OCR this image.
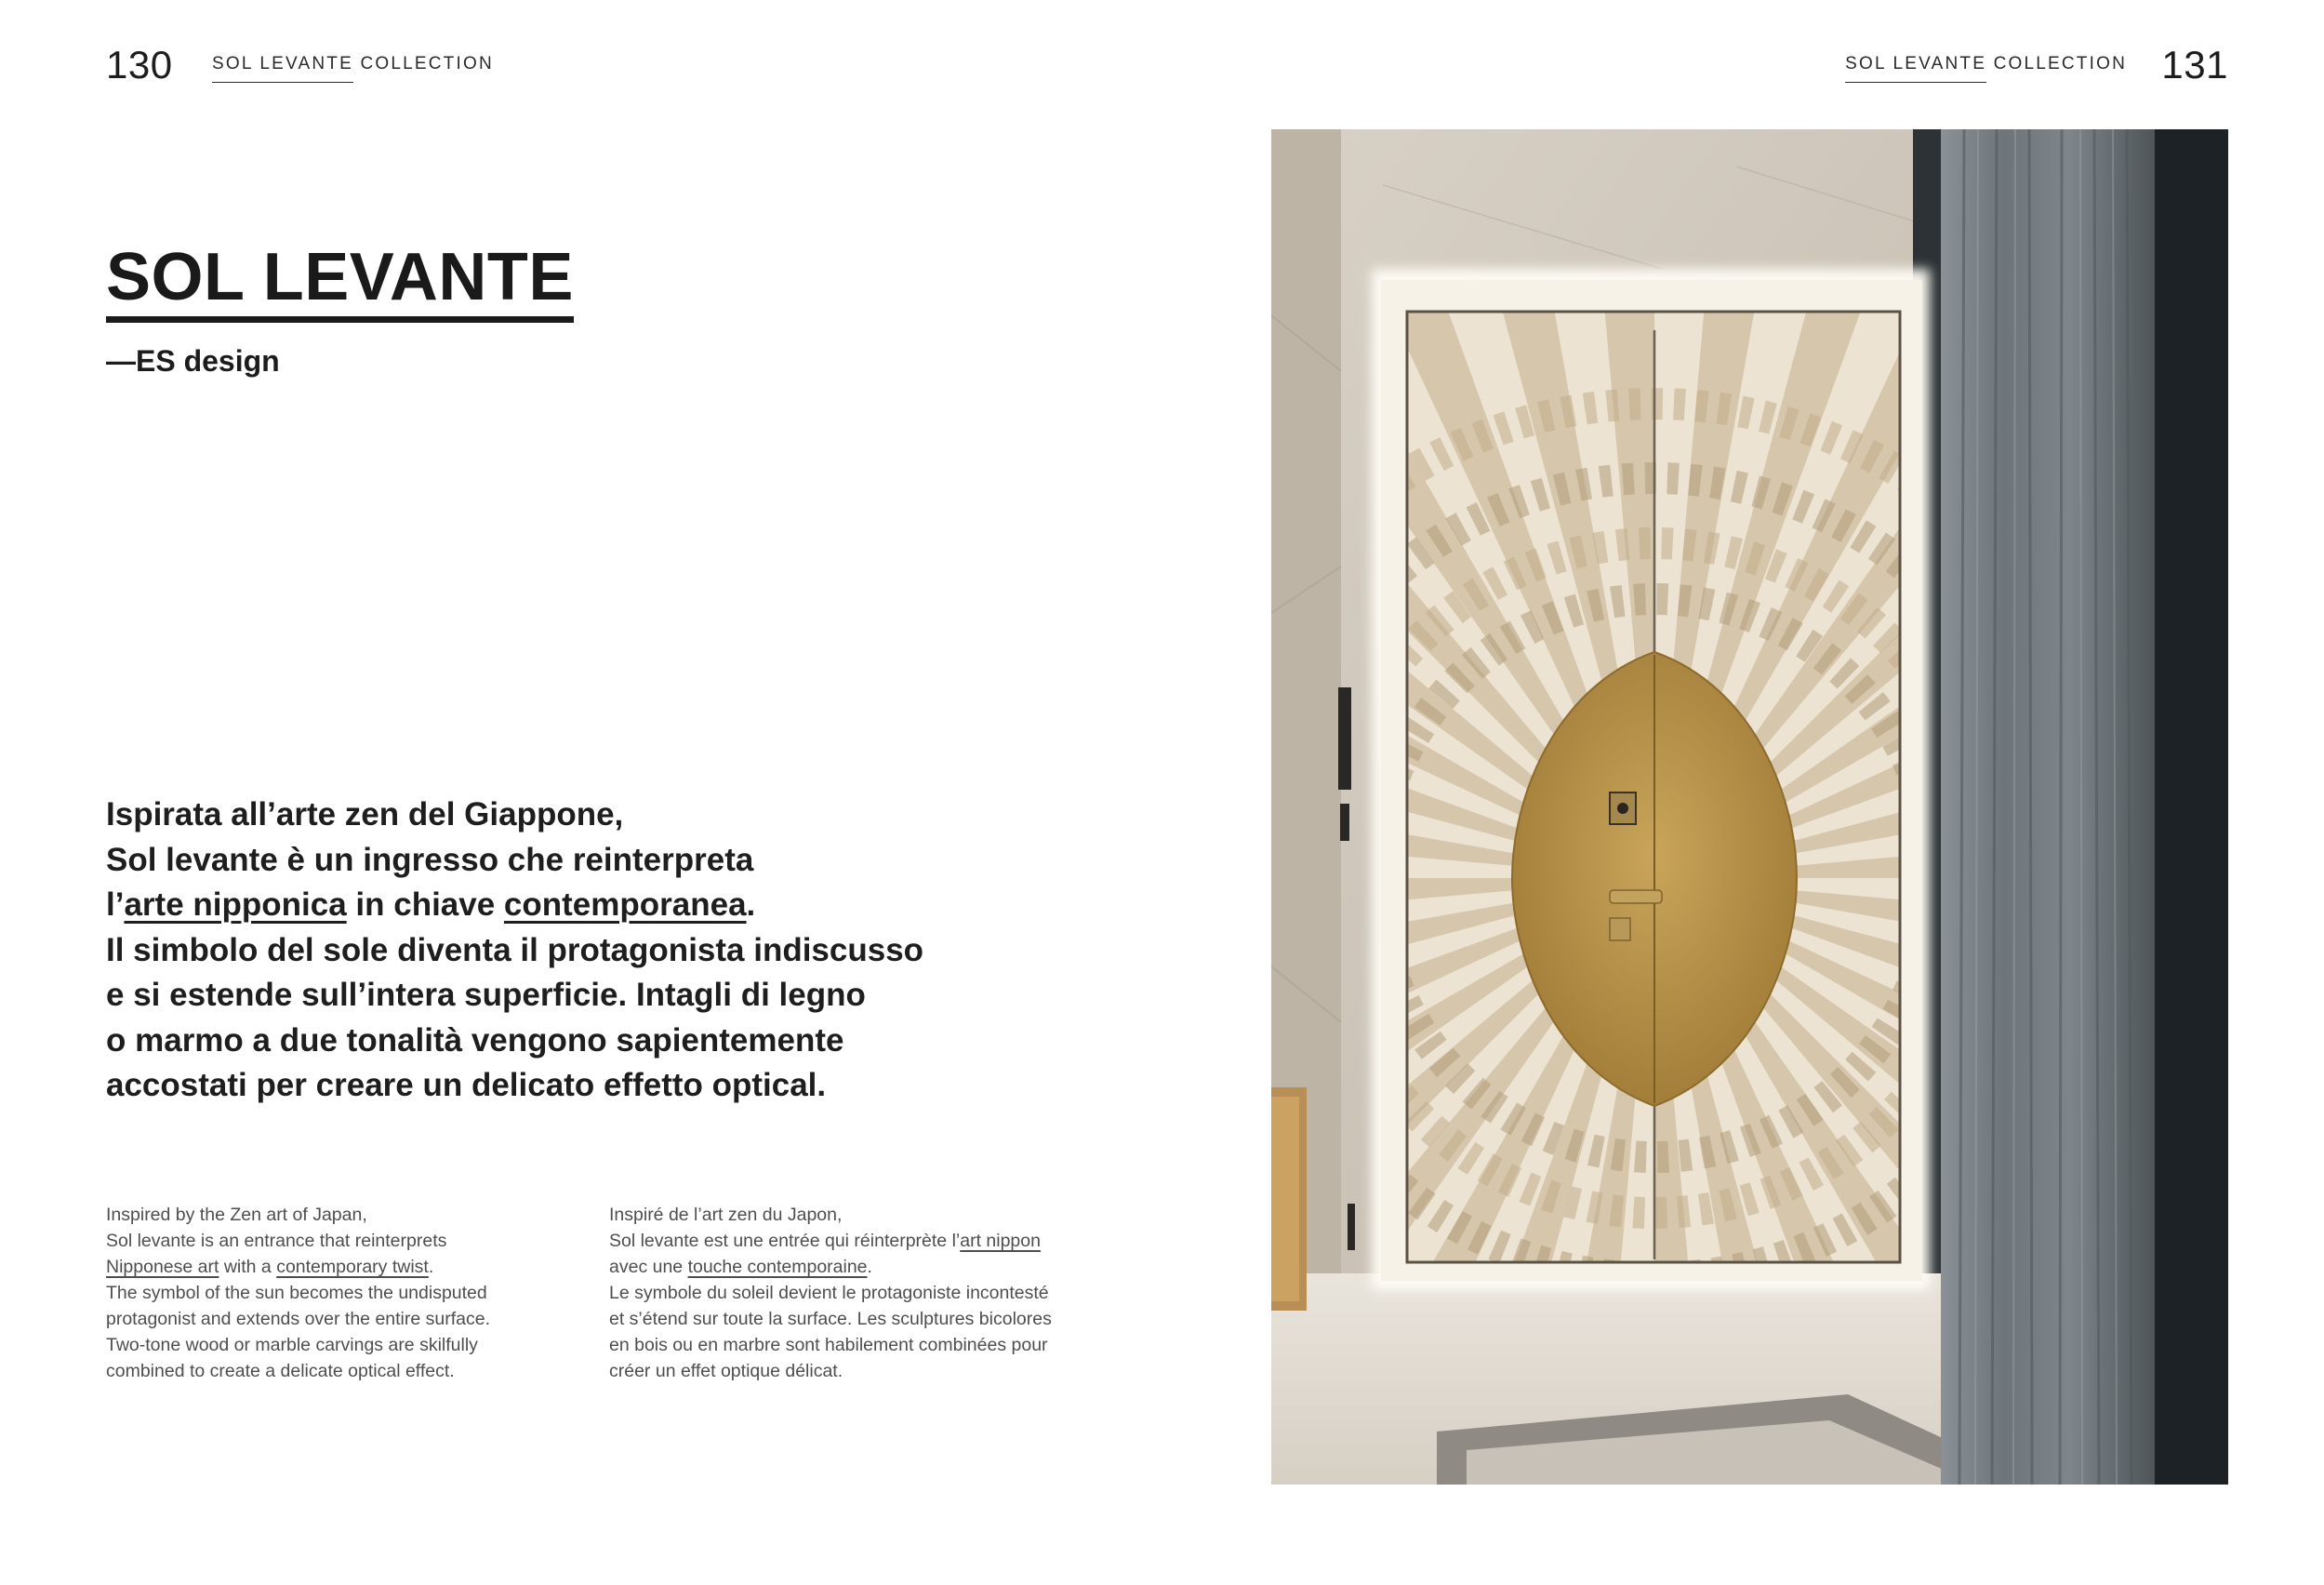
130 SOL LEVANTE COLLECTION	SOL LEVANTE COLLECTION 131
SOL LEVANTE
—ES design
Ispirata all’arte zen del Giappone,
Sol levante è un ingresso che reinterpreta
l’arte nipponica in chiave contemporanea.
Il simbolo del sole diventa il protagonista indiscusso
e si estende sull’intera superficie. Intagli di legno
o marmo a due tonalità vengono sapientemente
accostati per creare un delicato effetto optical.
Inspired by the Zen art of Japan,
Sol levante is an entrance that reinterprets
Nipponese art with a contemporary twist.
The symbol of the sun becomes the undisputed
protagonist and extends over the entire surface.
Two-tone wood or marble carvings are skilfully
combined to create a delicate optical effect.
Inspiré de l’art zen du Japon,
Sol levante est une entrée qui réinterprète l’art nippon
avec une touche contemporaine.
Le symbole du soleil devient le protagoniste incontesté
et s’étend sur toute la surface. Les sculptures bicolores
en bois ou en marbre sont habilement combinées pour
créer un effet optique délicat.
